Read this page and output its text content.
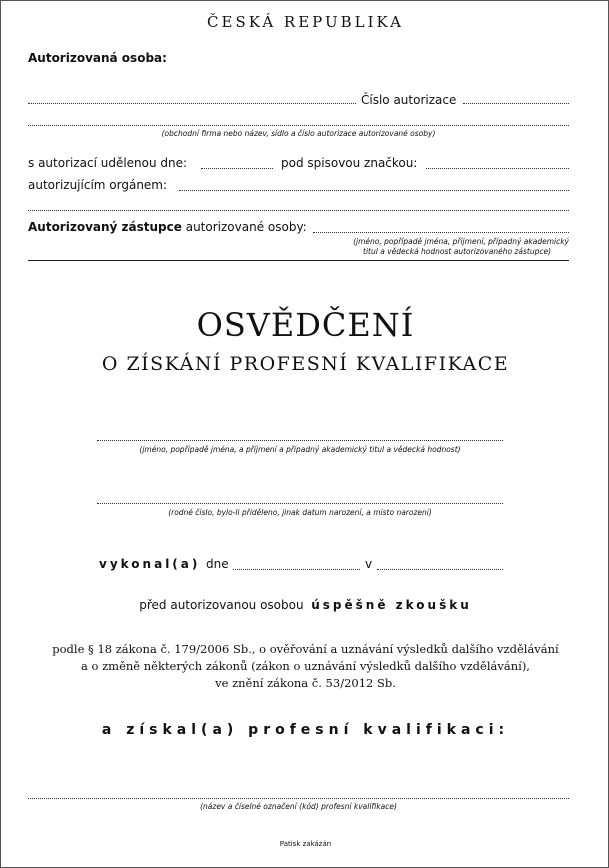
ČESKÁ REPUBLIKA
Autorizovaná osoba:
Číslo autorizace
(obchodní firma nebo název, sídlo a číslo autorizace autorizované osoby)
s autorizací udělenou dne:	pod spisovou značkou:
autorizujícím orgánem:
Autorizovaný zástupce autorizované osoby:
(jméno, popřípadě jména, příjmení, případný akademický
titul a vědecká hodnost autorizovaného zástupce)
OSVĚDČENÍ
O ZÍSKÁNÍ PROFESNÍ KVALIFIKACE
(jméno, popřípadě jména, a příjmení a případný akademický titul a vědecká hodnost)
(rodné číslo, bylo-li přiděleno, jinak datum narození, a místo narození)
vykonal(a) dne	v
před autorizovanou osobou úspěšně zkoušku
podle § 18 zákona č. 179/2006 Sb., o ověřování a uznávání výsledků dalšího vzdělávání
a o změně některých zákonů (zákon o uznávání výsledků dalšího vzdělávání),
ve znění zákona č. 53/2012 Sb.
a získal(a) profesní kvalifikaci:
(název a číselné označení (kód) profesní kvalifikace)
Patisk zakázán
